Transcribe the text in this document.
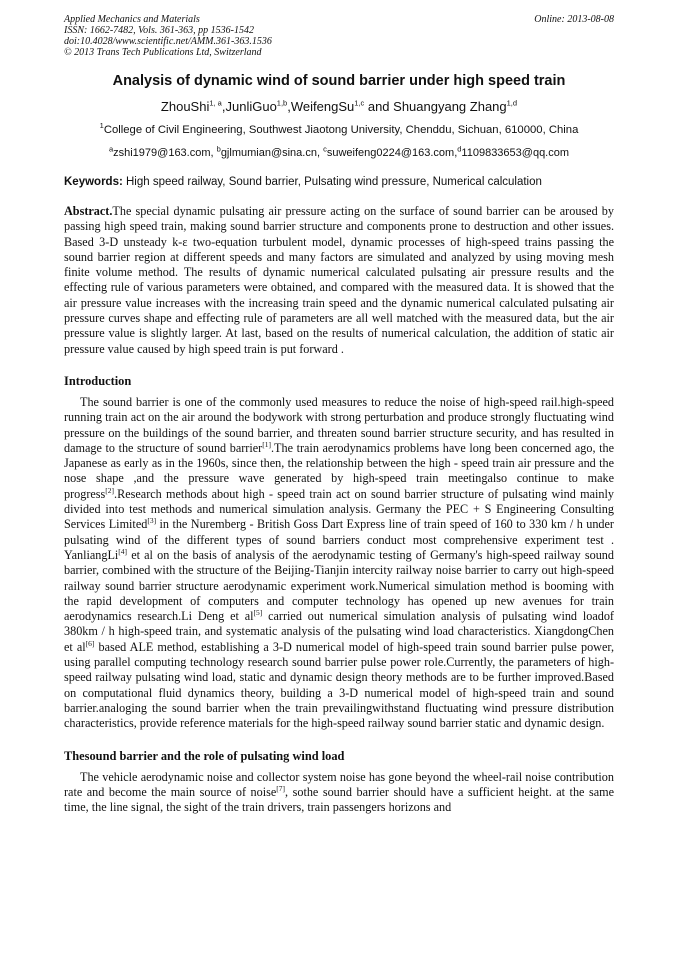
Applied Mechanics and Materials
ISSN: 1662-7482, Vols. 361-363, pp 1536-1542
doi:10.4028/www.scientific.net/AMM.361-363.1536
© 2013 Trans Tech Publications Ltd, Switzerland
Online: 2013-08-08
Analysis of dynamic wind of sound barrier under high speed train
ZhouShi$^{1, a}$,JunliGuo$^{1,b}$,WeifengSu$^{1,c}$ and Shuangyang Zhang$^{1,d}$
$^1$College of Civil Engineering, Southwest Jiaotong University, Chenddu, Sichuan, 610000, China
$^a$zshi1979@163.com, $^b$gjlmumian@sina.cn, $^c$suweifeng0224@163.com,$^d$1109833653@qq.com
Keywords: High speed railway, Sound barrier, Pulsating wind pressure, Numerical calculation
Abstract.The special dynamic pulsating air pressure acting on the surface of sound barrier can be aroused by passing high speed train, making sound barrier structure and components prone to destruction and other issues. Based 3-D unsteady k-ε two-equation turbulent model, dynamic processes of high-speed trains passing the sound barrier region at different speeds and many factors are simulated and analyzed by using moving mesh finite volume method. The results of dynamic numerical calculated pulsating air pressure results and the effecting rule of various parameters were obtained, and compared with the measured data. It is showed that the air pressure value increases with the increasing train speed and the dynamic numerical calculated pulsating air pressure curves shape and effecting rule of parameters are all well matched with the measured data, but the air pressure value is slightly larger. At last, based on the results of numerical calculation, the addition of static air pressure value caused by high speed train is put forward .
Introduction

The sound barrier is one of the commonly used measures to reduce the noise of high-speed rail.high-speed running train act on the air around the bodywork with strong perturbation and produce strongly fluctuating wind pressure on the buildings of the sound barrier, and threaten sound barrier structure security, and has resulted in damage to the structure of sound barrier[1].The train aerodynamics problems have long been concerned ago, the Japanese as early as in the 1960s, since then, the relationship between the high - speed train air pressure and the nose shape ,and the pressure wave generated by high-speed train meetingalso continue to make progress[2].Research methods about high - speed train act on sound barrier structure of pulsating wind mainly divided into test methods and numerical simulation analysis. Germany the PEC + S Engineering Consulting Services Limited[3] in the Nuremberg - British Goss Dart Express line of train speed of 160 to 330 km / h under pulsating wind of the different types of sound barriers conduct most comprehensive experiment test . YanliangLi[4] et al on the basis of analysis of the aerodynamic testing of Germany's high-speed railway sound barrier, combined with the structure of the Beijing-Tianjin intercity railway noise barrier to carry out high-speed railway sound barrier structure aerodynamic experiment work.Numerical simulation method is booming with the rapid development of computers and computer technology has opened up new avenues for train aerodynamics research.Li Deng et al[5] carried out numerical simulation analysis of pulsating wind loadof 380km / h high-speed train, and systematic analysis of the pulsating wind load characteristics. XiangdongChen et al[6] based ALE method, establishing a 3-D numerical model of high-speed train sound barrier pulse power, using parallel computing technology research sound barrier pulse power role.Currently, the parameters of high-speed railway pulsating wind load, static and dynamic design theory methods are to be further improved.Based on computational fluid dynamics theory, building a 3-D numerical model of high-speed train and sound barrier.analoging the sound barrier when the train prevailingwithstand fluctuating wind pressure distribution characteristics, provide reference materials for the high-speed railway sound barrier static and dynamic design.

Thesound barrier and the role of pulsating wind load

The vehicle aerodynamic noise and collector system noise has gone beyond the wheel-rail noise contribution rate and become the main source of noise[7], sothe sound barrier should have a sufficient height. at the same time, the line signal, the sight of the train drivers, train passengers horizons and
